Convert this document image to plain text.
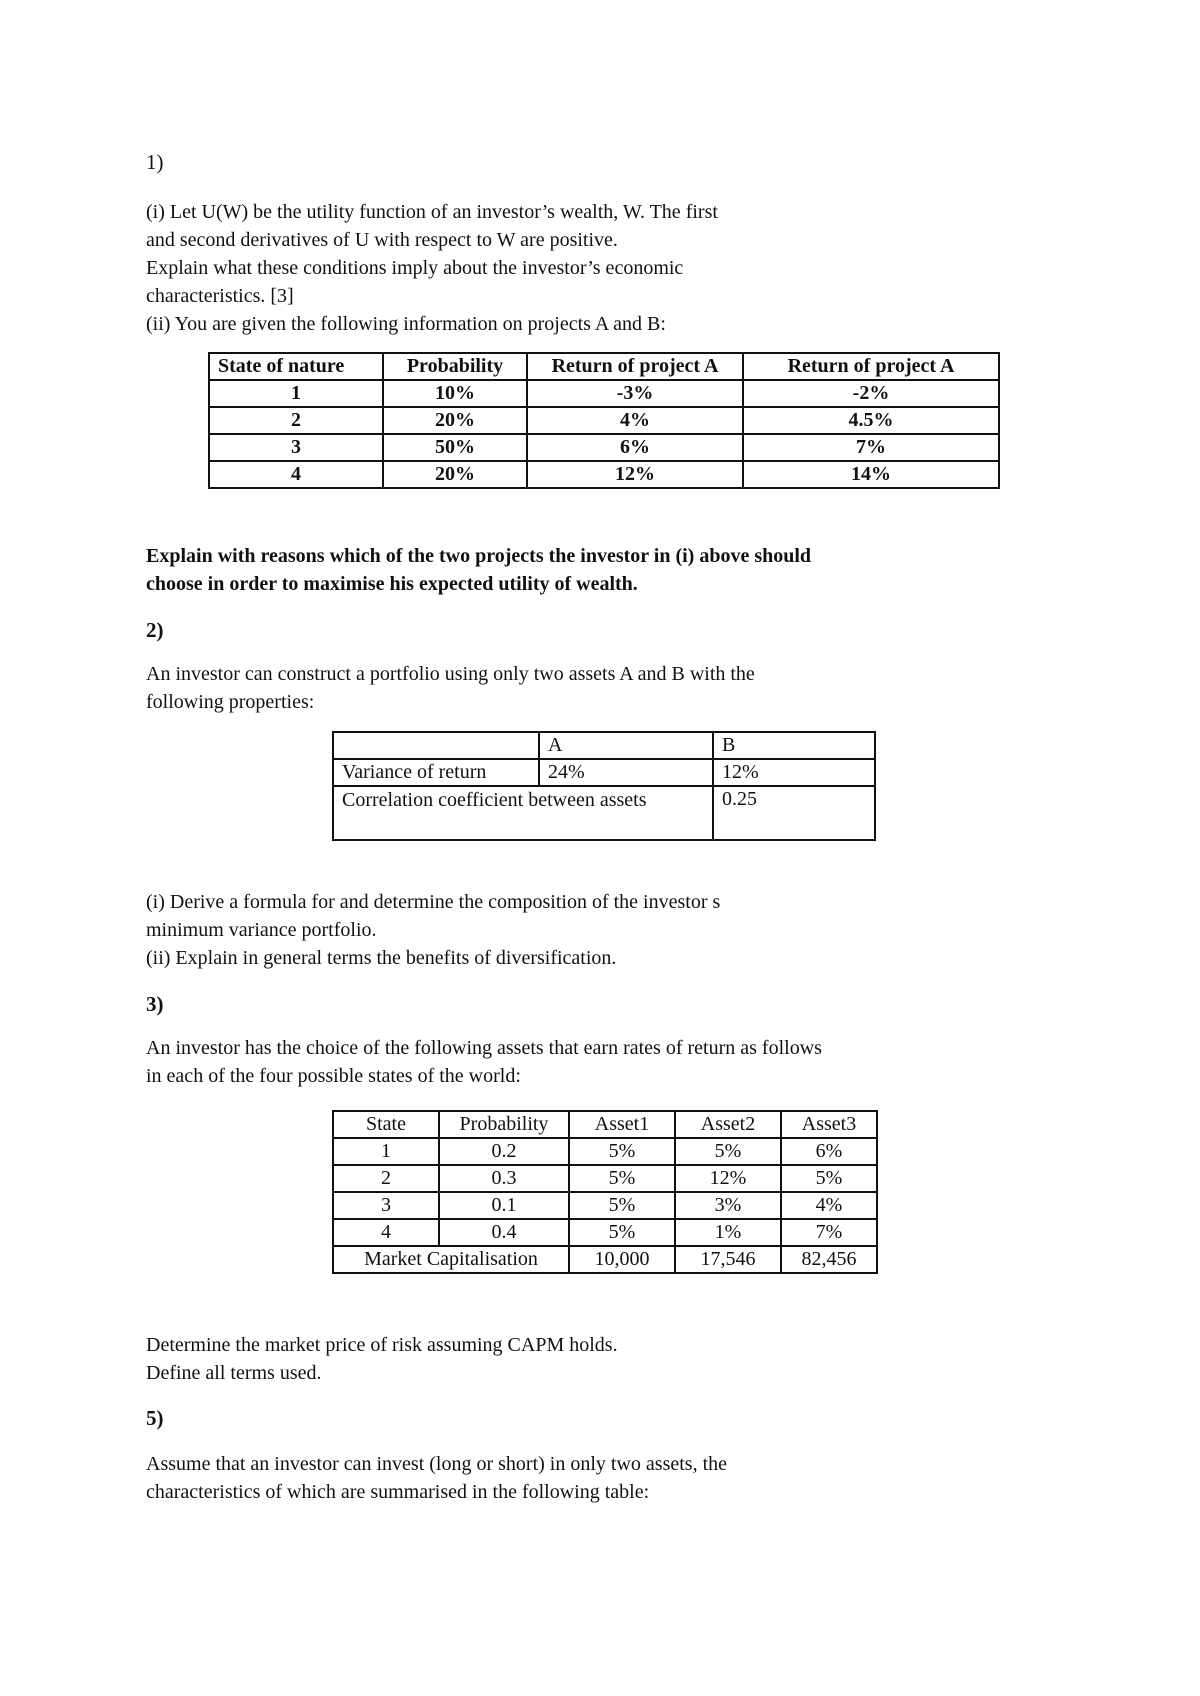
1)

(i) Let U(W) be the utility function of an investor’s wealth, W. The first
and second derivatives of U with respect to W are positive.
Explain what these conditions imply about the investor’s economic
characteristics. [3]
(ii) You are given the following information on projects A and B:
State of nature	Probability	Return of project A	Return of project A
1	10%	-3%	-2%
2	20%	4%	4.5%
3	50%	6%	7%
4	20%	12%	14%
Explain with reasons which of the two projects the investor in (i) above should
choose in order to maximise his expected utility of wealth.

2)

An investor can construct a portfolio using only two assets A and B with the
following properties:
	A	B
Variance of return	24%	12%
Correlation coefficient between assets		0.25
(i) Derive a formula for and determine the composition of the investor s
minimum variance portfolio.
(ii) Explain in general terms the benefits of diversification.

3)

An investor has the choice of the following assets that earn rates of return as follows
in each of the four possible states of the world:
State	Probability	Asset1	Asset2	Asset3
1	0.2	5%	5%	6%
2	0.3	5%	12%	5%
3	0.1	5%	3%	4%
4	0.4	5%	1%	7%
Market Capitalisation		10,000	17,546	82,456
Determine the market price of risk assuming CAPM holds.
Define all terms used.

5)

Assume that an investor can invest (long or short) in only two assets, the
characteristics of which are summarised in the following table:
